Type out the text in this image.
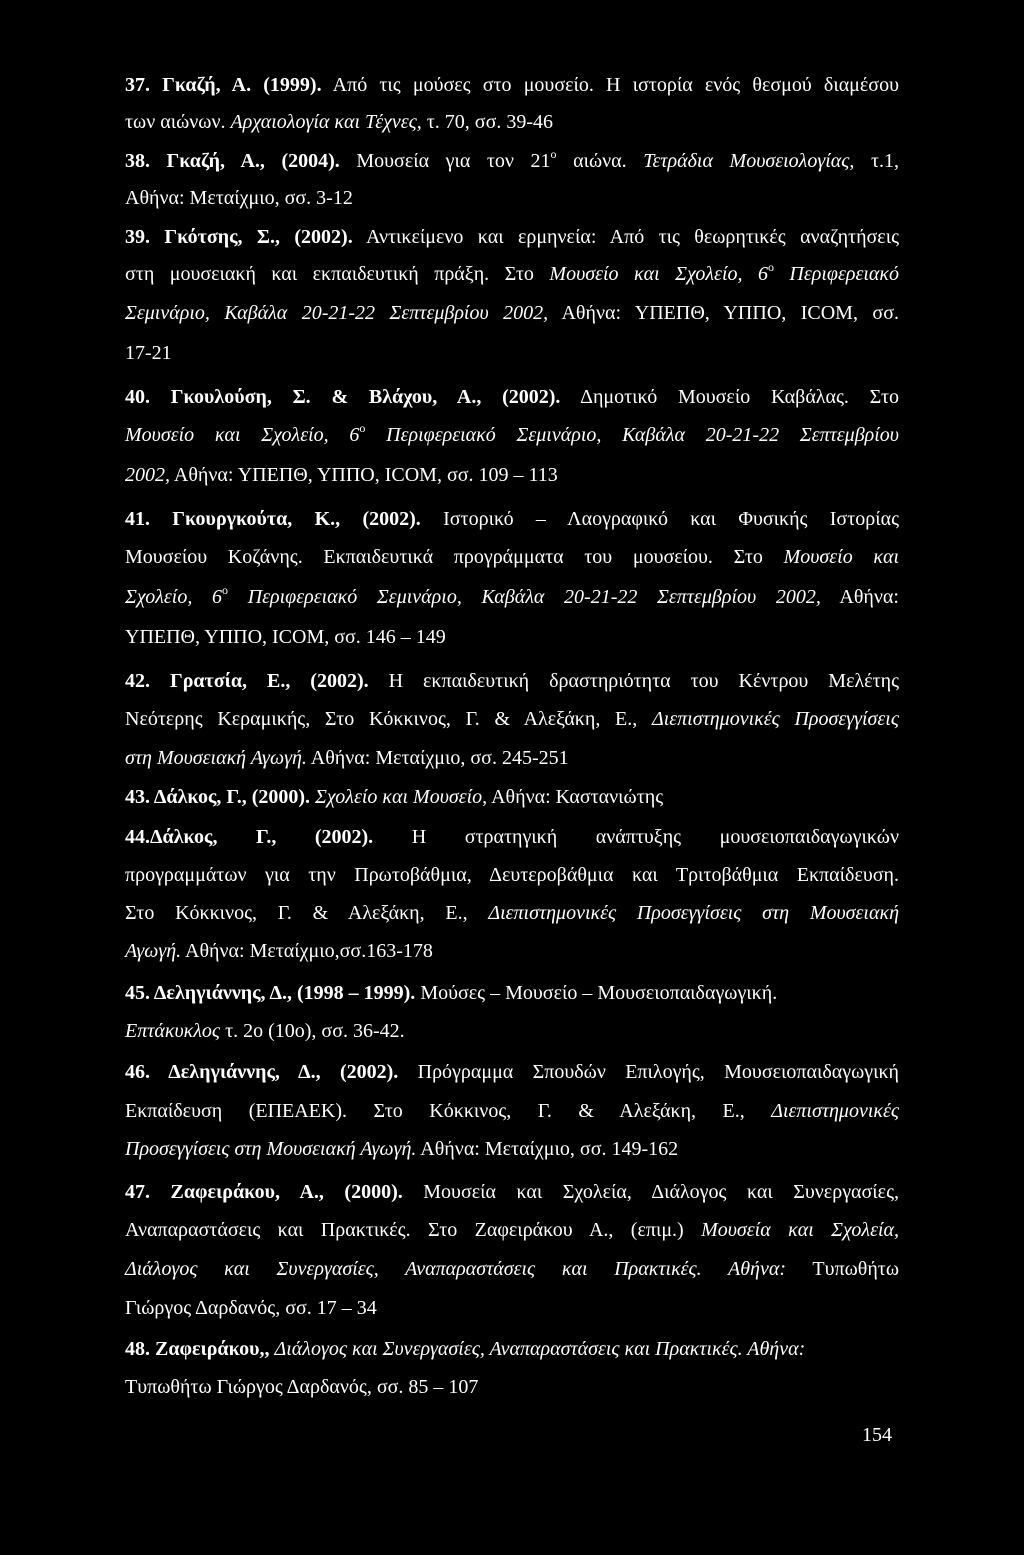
37. Γκαζή, Α. (1999). Από τις μούσες στο μουσείο. Η ιστορία ενός θεσμού διαμέσου
των αιώνων. Αρχαιολογία και Τέχνες, τ. 70, σσ. 39-46
38. Γκαζή, Α., (2004). Μουσεία για τον $21^o$ αιώνα. Τετράδια Μουσειολογίας, τ.1,
Αθήνα: Μεταίχμιο, σσ. 3-12
39. Γκότσης, Σ., (2002). Αντικείμενο και ερμηνεία: Από τις θεωρητικές αναζητήσεις
στη μουσειακή και εκπαιδευτική πράξη. Στο Μουσείο και Σχολείο, $6^o$ Περιφερειακό
Σεμινάριο, Καβάλα 20-21-22 Σεπτεμβρίου 2002, Αθήνα: ΥΠΕΠΘ, ΥΠΠΟ, ICOM, σσ.
17-21
40. Γκουλούση, Σ. & Βλάχου, Α., (2002). Δημοτικό Μουσείο Καβάλας. Στο
Μουσείο και Σχολείο, $6^o$ Περιφερειακό Σεμινάριο, Καβάλα 20-21-22 Σεπτεμβρίου
2002, Αθήνα: ΥΠΕΠΘ, ΥΠΠΟ, ICOM, σσ. 109 – 113
41. Γκουργκούτα, Κ., (2002). Ιστορικό – Λαογραφικό και Φυσικής Ιστορίας
Μουσείου Κοζάνης. Εκπαιδευτικά προγράμματα του μουσείου. Στο Μουσείο και
Σχολείο, $6^o$ Περιφερειακό Σεμινάριο, Καβάλα 20-21-22 Σεπτεμβρίου 2002, Αθήνα:
ΥΠΕΠΘ, ΥΠΠΟ, ICOM, σσ. 146 – 149
42. Γρατσία, Ε., (2002). Η εκπαιδευτική δραστηριότητα του Κέντρου Μελέτης
Νεότερης Κεραμικής, Στο Κόκκινος, Γ. & Αλεξάκη, Ε., Διεπιστημονικές Προσεγγίσεις
στη Μουσειακή Αγωγή. Αθήνα: Μεταίχμιο, σσ. 245-251
43. Δάλκος, Γ., (2000). Σχολείο και Μουσείο, Αθήνα: Καστανιώτης
44.Δάλκος, Γ., (2002). Η στρατηγική ανάπτυξης μουσειοπαιδαγωγικών
προγραμμάτων για την Πρωτοβάθμια, Δευτεροβάθμια και Τριτοβάθμια Εκπαίδευση.
Στο Κόκκινος, Γ. & Αλεξάκη, Ε., Διεπιστημονικές Προσεγγίσεις στη Μουσειακή
Αγωγή. Αθήνα: Μεταίχμιο,σσ.163-178
45. Δεληγιάννης, Δ., (1998 – 1999). Μούσες – Μουσείο – Μουσειοπαιδαγωγική.
Επτάκυκλος τ. 2ο (10ο), σσ. 36-42.
46. Δεληγιάννης, Δ., (2002). Πρόγραμμα Σπουδών Επιλογής, Μουσειοπαιδαγωγική
Εκπαίδευση (ΕΠΕΑΕΚ). Στο Κόκκινος, Γ. & Αλεξάκη, Ε., Διεπιστημονικές
Προσεγγίσεις στη Μουσειακή Αγωγή. Αθήνα: Μεταίχμιο, σσ. 149-162
47. Ζαφειράκου, Α., (2000). Μουσεία και Σχολεία, Διάλογος και Συνεργασίες,
Αναπαραστάσεις και Πρακτικές. Στο Ζαφειράκου Α., (επιμ.) Μουσεία και Σχολεία,
Διάλογος και Συνεργασίες, Αναπαραστάσεις και Πρακτικές. Αθήνα: Τυπωθήτω
Γιώργος Δαρδανός, σσ. 17 – 34
48. Ζαφειράκου,, Διάλογος και Συνεργασίες, Αναπαραστάσεις και Πρακτικές. Αθήνα:
Τυπωθήτω Γιώργος Δαρδανός, σσ. 85 – 107
154
